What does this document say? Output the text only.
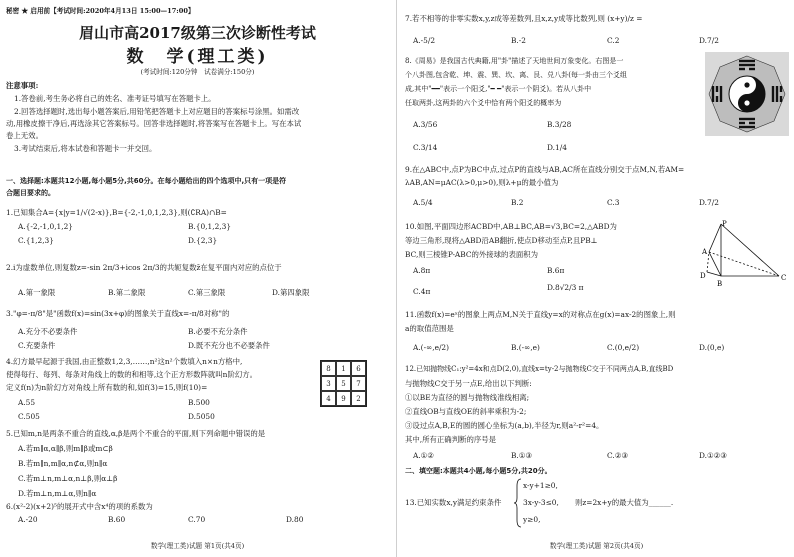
秘密 ★ 启用前【考试时间:2020年4月13日 15:00—17:00】
眉山市高2017级第三次诊断性考试
数　学(理工类)
(考试时间:120分钟　试卷满分:150分)
注意事项:
1.答卷前,考生务必将自己的姓名、准考证号填写在答题卡上。
2.回答选择题时,选出每小题答案后,用铅笔把答题卡上对应题目的答案标号涂黑。如需改
动,用橡皮擦干净后,再选涂其它答案标号。回答非选择题时,将答案写在答题卡上。写在本试
卷上无效。
3.考试结束后,将本试卷和答题卡一并交回。
一、选择题:本题共12小题,每小题5分,共60分。在每小题给出的四个选项中,只有一项是符
合题目要求的。
1.已知集合A={x|y=1/√(2-x)},B={-2,-1,0,1,2,3},则(∁RA)∩B=
A.{-2,-1,0,1,2}	B.{0,1,2,3}
C.{1,2,3}	D.{2,3}
2.i为虚数单位,则复数z=-sin 2π/3+icos 2π/3的共轭复数z̄在复平面内对应的点位于
A.第一象限	B.第二象限	C.第三象限	D.第四象限
3."φ=-π/8"是"函数f(x)=sin(3x+φ)的图象关于直线x=-π/8对称"的
A.充分不必要条件	B.必要不充分条件
C.充要条件	D.既不充分也不必要条件
4.幻方最早起源于我国,由正整数1,2,3,……,n²这n²个数填入n×n方格中,
使得每行、每列、每条对角线上的数的和相等,这个正方形数阵就叫n阶幻方。
定义f(n)为n阶幻方对角线上所有数的和,如f(3)=15,则f(10)=
A.55	B.500
C.505	D.5050
8	1	6
3	5	7
4	9	2
5.已知m,n是两条不重合的直线,α,β是两个不重合的平面,则下列命题中错误的是
A.若m∥α,α∥β,则m∥β或m⊂β
B.若m∥n,m∥α,n⊄α,则n∥α
C.若m⊥n,m⊥α,n⊥β,则α⊥β
D.若m⊥n,m⊥α,则n∥α
6.(x²-2)(x+2)⁵的展开式中含x⁴的项的系数为
A.-20	B.60	C.70	D.80
数学(理工类)试题 第1页(共4页)
7.若不相等的非零实数x,y,z成等差数列,且x,z,y成等比数列,则 (x+y)/z =
A.-5/2	B.-2	C.2	D.7/2
8.《周易》是我国古代典籍,用"卦"描述了天地世间万象变化。右图是一
个八卦图,包含乾、坤、震、巽、坎、离、艮、兑八卦(每一卦由三个爻组
成,其中"━━"表示一个阳爻,"━ ━"表示一个阴爻)。若从八卦中
任取两卦,这两卦的六个爻中恰有两个阳爻的概率为
A.3/56	B.3/28
C.3/14	D.1/4
9.在△ABC中,点P为BC中点,过点P的直线与AB,AC所在直线分别交于点M,N,若AM=
λAB,AN=μAC(λ>0,μ>0),则λ+μ的最小值为
A.5/4	B.2	C.3	D.7/2
10.如图,平面四边形ACBD中,AB⊥BC,AB=√3,BC=2,△ABD为
等边三角形,现将△ABD沿AB翻折,使点D移动至点P,且PB⊥
BC,则三棱锥P-ABC的外接球的表面积为
A.8π	B.6π
C.4π	D.8√2/3 π
P
D
A
B
C
11.函数f(x)=eˣ的图象上两点M,N关于直线y=x的对称点在g(x)=ax-2的图象上,则
a的取值范围是
A.(-∞,e/2)	B.(-∞,e)	C.(0,e/2)	D.(0,e)
12.已知抛物线C₁:y²=4x和点D(2,0),直线x=ty-2与抛物线C交于不同两点A,B,直线BD
与抛物线C交于另一点E,给出以下判断:
①以BE为直径的圆与抛物线准线相离;
②直线OB与直线OE的斜率乘积为-2;
③设过点A,B,E的圆的圆心坐标为(a,b),半径为r,则a²-r²=4。
其中,所有正确判断的序号是
A.①②	B.①③	C.②③	D.①②③
二、填空题:本题共4小题,每小题5分,共20分。
13.已知实数x,y满足约束条件
x-y+1≥0,
3x-y-3≤0,
y≥0,
则z=2x+y的最大值为______.
数学(理工类)试题 第2页(共4页)
